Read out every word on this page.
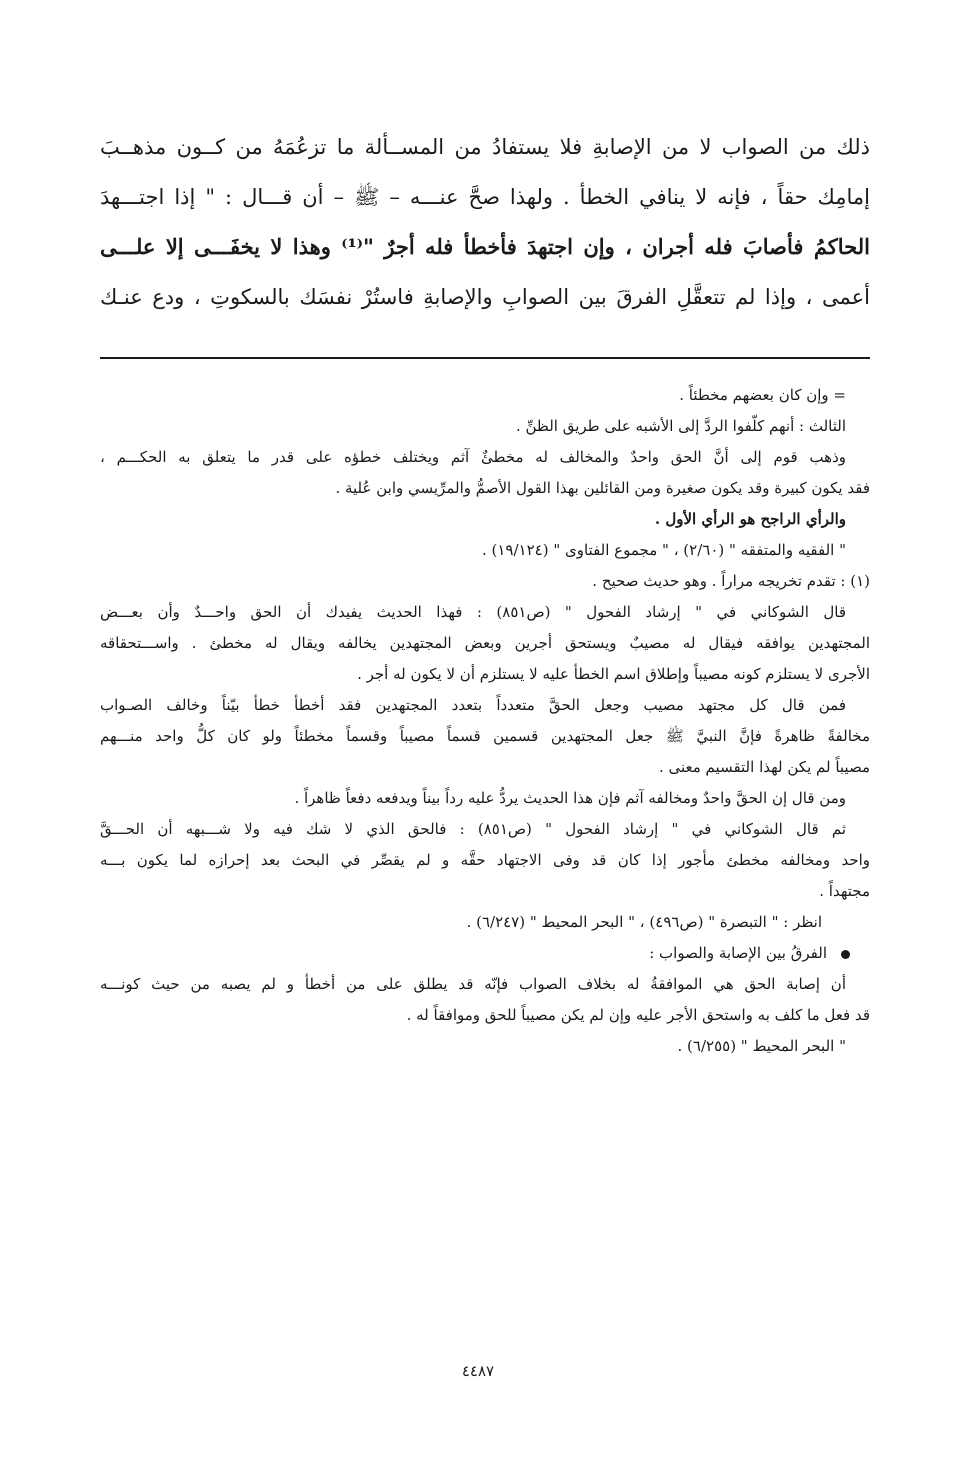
ذلك من الصواب لا من الإصابةِ فلا يستفادُ من المســألة ما تزعُمَهُ من كــون مذهــبَ
إمامِك حقاً ، فإنه لا ينافي الخطأ . ولهذا صحَّ عنـــه – ﷺ – أن قـــال : " إذا اجتـــهدَ
الحاكمُ فأصابَ فله أجران ، وإن اجتهدَ فأخطأ فله أجرٌ "⁽¹⁾ وهذا لا يخفَـــى إلا علـــى
أعمى ، وإذا لم تتعقَّلِ الفرقَ بين الصوابِ والإصابةِ فاستُرْ نفسَك بالسكوتِ ، ودع عنـك
= وإن كان بعضهم مخطئاً .
الثالث : أنهم كلّفوا الردَّ إلى الأشبه على طريق الظنِّ .
وذهب قوم إلى أنَّ الحق واحدٌ والمخالف له مخطئٌ آثم ويختلف خطؤه على قدر ما يتعلق به الحكـــم ،
فقد يكون كبيرة وقد يكون صغيرة ومن القائلين بهذا القول الأصمُّ والمرِّيسي وابن عُلية .
والرأي الراجح هو الرأي الأول .
" الفقيه والمتفقه " (٢/٦٠) ، " مجموع الفتاوى " (١٩/١٢٤) .
(١) : تقدم تخريجه مراراً . وهو حديث صحيح .
قال الشوكاني في " إرشاد الفحول " (ص٨٥١) : فهذا الحديث يفيدك أن الحق واحـــدٌ وأن بعـــض
المجتهدين يوافقه فيقال له مصيبٌ ويستحق أجرين وبعض المجتهدين يخالفه ويقال له مخطئ . واســـتحقاقه
الأجرى لا يستلزم كونه مصيباً وإطلاق اسم الخطأ عليه لا يستلزم أن لا يكون له أجر .
فمن قال كل مجتهد مصيب وجعل الحقَّ متعدداً بتعدد المجتهدين فقد أخطأ خطأ بيّناً وخالف الصـواب
مخالفةً ظاهرةً فإنَّ النبيَّ ﷺ جعل المجتهدين قسمين قسماً مصيباً وقسماً مخطئاً ولو كان كلُّ واحد منـــهم
مصيباً لم يكن لهذا التقسيم معنى .
ومن قال إن الحقَّ واحدٌ ومخالفه آثم فإن هذا الحديث يردُّ عليه رداً بيناً ويدفعه دفعاً ظاهراً .
ثم قال الشوكاني في " إرشاد الفحول " (ص٨٥١) : فالحق الذي لا شك فيه ولا شـــبهه أن الحـــقَّ
واحد ومخالفه مخطئ مأجور إذا كان قد وفى الاجتهاد حقَّه و لم يقصِّر في البحث بعد إحرازه لما يكون بـــه
مجتهداً .
انظر : " التبصرة " (ص٤٩٦) ، " البحر المحيط " (٦/٢٤٧) .
الفرقُ بين الإصابة والصواب :
أن إصابة الحق هي الموافقةُ له بخلاف الصواب فإنّه قد يطلق على من أخطأ و لم يصبه من حيث كونـــه
قد فعل ما كلف به واستحق الأجر عليه وإن لم يكن مصيباً للحق وموافقاً له .
" البحر المحيط " (٦/٢٥٥) .
٤٤٨٧
